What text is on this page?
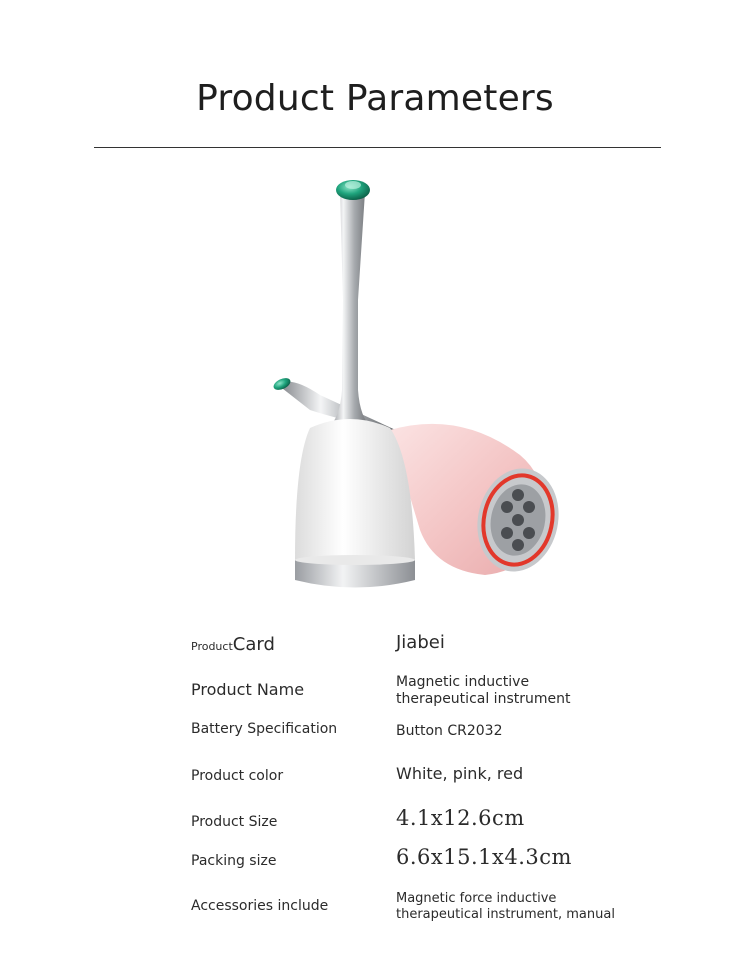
Product Parameters
ProductCard	Jiabei
Product Name	Magnetic inductive
therapeutical instrument
Battery Specification	Button CR2032
Product color	White, pink, red
Product Size	4.1x12.6cm
Packing size	6.6x15.1x4.3cm
Accessories include	Magnetic force inductive
therapeutical instrument, manual
